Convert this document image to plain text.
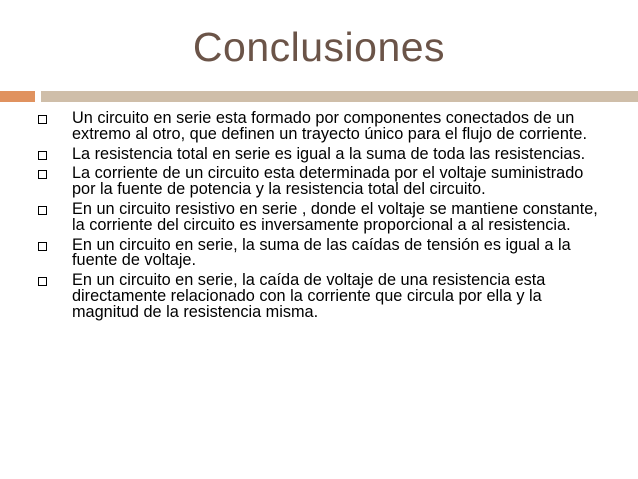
Conclusiones
Un circuito en serie esta formado por componentes conectados de un extremo al otro, que definen un trayecto único para el flujo de corriente.
La resistencia total en serie es igual a la suma de toda las resistencias.
La corriente de un circuito esta determinada por el voltaje suministrado por la fuente de potencia y la resistencia total del circuito.
En un circuito resistivo en serie , donde el voltaje se mantiene constante, la corriente del circuito es inversamente proporcional a al resistencia.
En un circuito en serie, la suma de las caídas de tensión es igual a la fuente de voltaje.
En un circuito en serie, la caída de voltaje de una resistencia esta directamente relacionado con la corriente que circula por ella y la magnitud de la resistencia misma.
